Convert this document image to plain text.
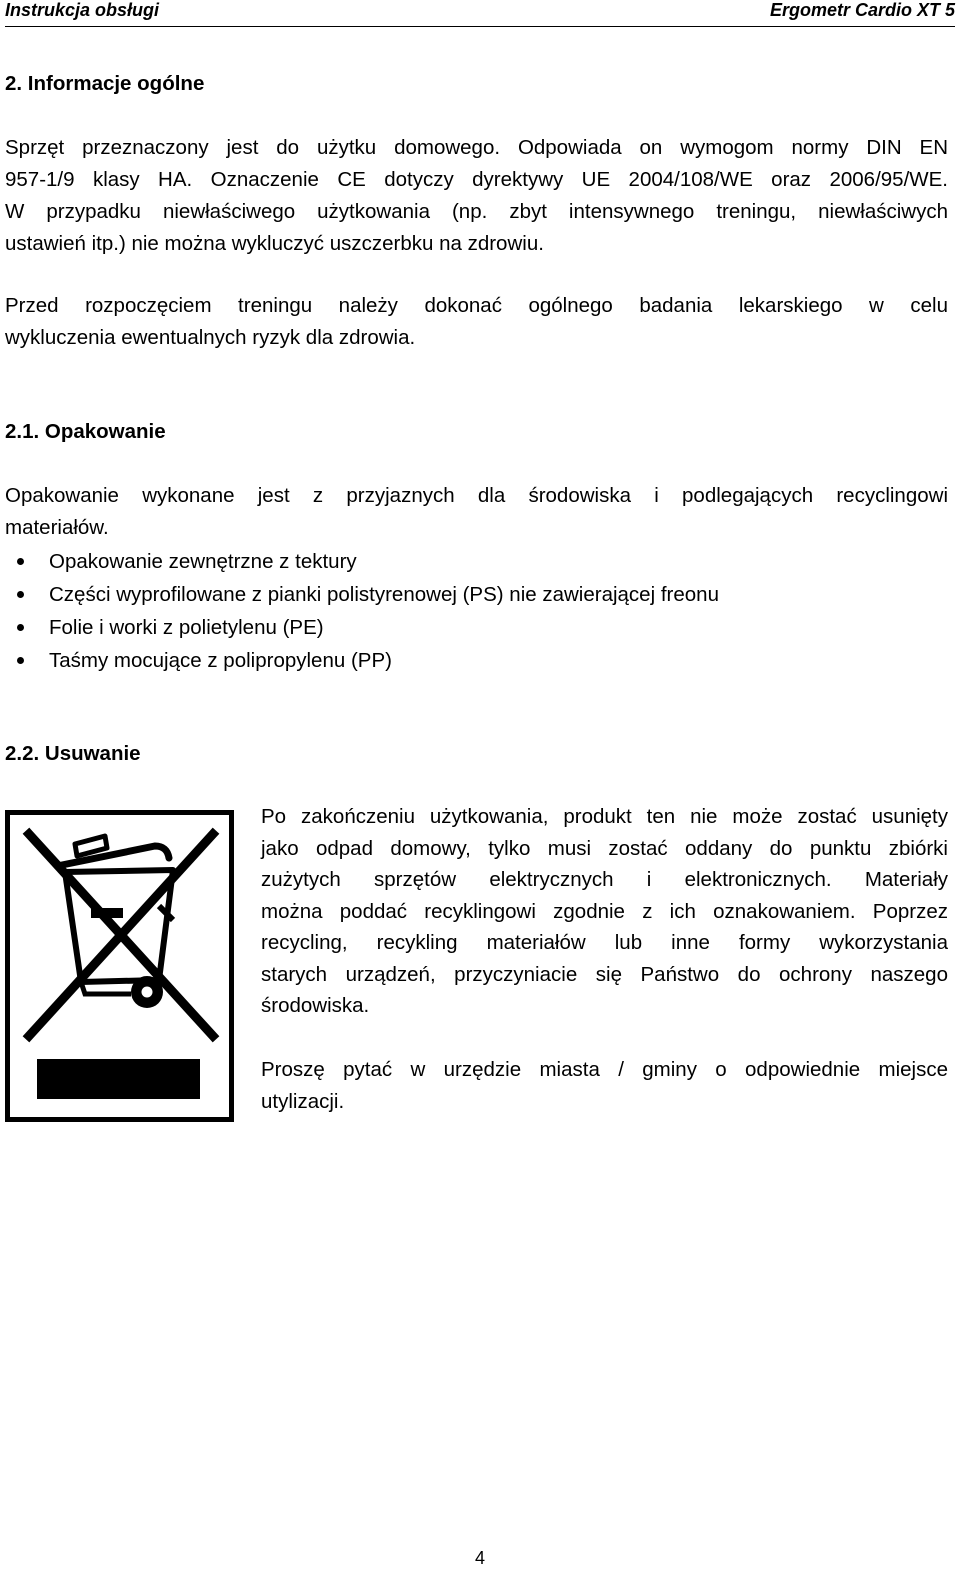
Instrukcja obsługi	Ergometr Cardio XT 5
2. Informacje ogólne
Sprzęt przeznaczony jest do użytku domowego. Odpowiada on wymogom normy DIN EN
957-1/9 klasy HA. Oznaczenie CE dotyczy dyrektywy UE 2004/108/WE oraz 2006/95/WE.
W przypadku niewłaściwego użytkowania (np. zbyt intensywnego treningu, niewłaściwych
ustawień itp.) nie można wykluczyć uszczerbku na zdrowiu.
Przed rozpoczęciem treningu należy dokonać ogólnego badania lekarskiego w celu
wykluczenia ewentualnych ryzyk dla zdrowia.
2.1. Opakowanie
Opakowanie wykonane jest z przyjaznych dla środowiska i podlegających recyclingowi
materiałów.
Opakowanie zewnętrzne z tektury
Części wyprofilowane z pianki polistyrenowej (PS) nie zawierającej freonu
Folie i worki z polietylenu (PE)
Taśmy mocujące z polipropylenu (PP)
2.2. Usuwanie
Po zakończeniu użytkowania, produkt ten nie może zostać usunięty
jako odpad domowy, tylko musi zostać oddany do punktu zbiórki
zużytych sprzętów elektrycznych i elektronicznych. Materiały
można poddać recyklingowi zgodnie z ich oznakowaniem. Poprzez
recycling, recykling materiałów lub inne formy wykorzystania
starych urządzeń, przyczyniacie się Państwo do ochrony naszego
środowiska.
Proszę pytać w urzędzie miasta / gminy o odpowiednie miejsce
utylizacji.
4
